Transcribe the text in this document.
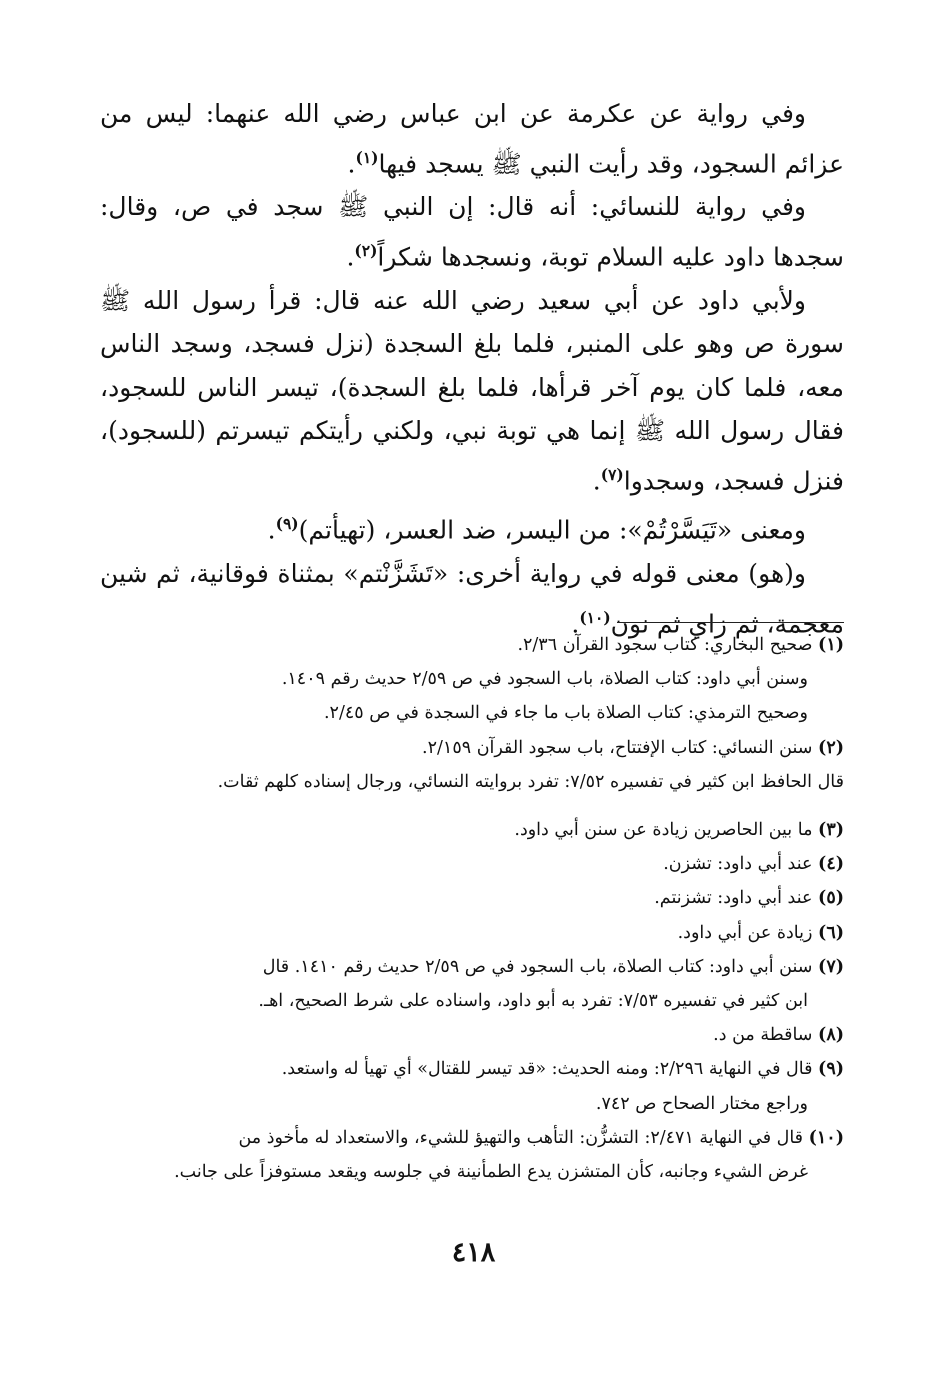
وفي رواية عن عكرمة عن ابن عباس رضي الله عنهما: ليس من عزائم السجود، وقد رأيت النبي ﷺ يسجد فيها$^{(١)}$.

وفي رواية للنسائي: أنه قال: إن النبي ﷺ سجد في ص، وقال: سجدها داود عليه السلام توبة، ونسجدها شكراً$^{(٢)}$.

ولأبي داود عن أبي سعيد رضي الله عنه قال: قرأ رسول الله ﷺ سورة ص وهو على المنبر، فلما بلغ السجدة (نزل فسجد، وسجد الناس معه، فلما كان يوم آخر قرأها، فلما بلغ السجدة)، تيسر الناس للسجود، فقال رسول الله ﷺ إنما هي توبة نبي، ولكني رأيتكم تيسرتم (للسجود)، فنزل فسجد، وسجدوا$^{(٧)}$.

ومعنى «تَيَسَّرْتُمْ»: من اليسر، ضد العسر، (تهيأتم)$^{(٩)}$.

و(هو) معنى قوله في رواية أخرى: «تَشَزَّنْتم» بمثناة فوقانية، ثم شين معجمة، ثم زاي ثم نون$^{(١٠)}$.

(١) صحيح البخاري: كتاب سجود القرآن ٢/٣٦.

وسنن أبي داود: كتاب الصلاة، باب السجود في ص ٢/٥٩ حديث رقم ١٤٠٩.

وصحيح الترمذي: كتاب الصلاة باب ما جاء في السجدة في ص ٢/٤٥.

(٢) سنن النسائي: كتاب الإفتتاح، باب سجود القرآن ٢/١٥٩.

قال الحافظ ابن كثير في تفسيره ٧/٥٢: تفرد بروايته النسائي، ورجال إسناده كلهم ثقات.

(٣) ما بين الحاصرين زيادة عن سنن أبي داود.

(٤) عند أبي داود: تشزن.

(٥) عند أبي داود: تشزنتم.

(٦) زيادة عن أبي داود.

(٧) سنن أبي داود: كتاب الصلاة، باب السجود في ص ٢/٥٩ حديث رقم ١٤١٠. قال

ابن كثير في تفسيره ٧/٥٣: تفرد به أبو داود، واسناده على شرط الصحيح، اهـ.

(٨) ساقطة من د.

(٩) قال في النهاية ٢/٢٩٦: ومنه الحديث: «قد تيسر للقتال» أي تهيأ له واستعد.

وراجع مختار الصحاح ص ٧٤٢.

(١٠) قال في النهاية ٢/٤٧١: التشزُّن: التأهب والتهيؤ للشيء، والاستعداد له مأخوذ من

غرض الشيء وجانبه، كأن المتشزن يدع الطمأنينة في جلوسه ويقعد مستوفزاً على جانب.

٤١٨
